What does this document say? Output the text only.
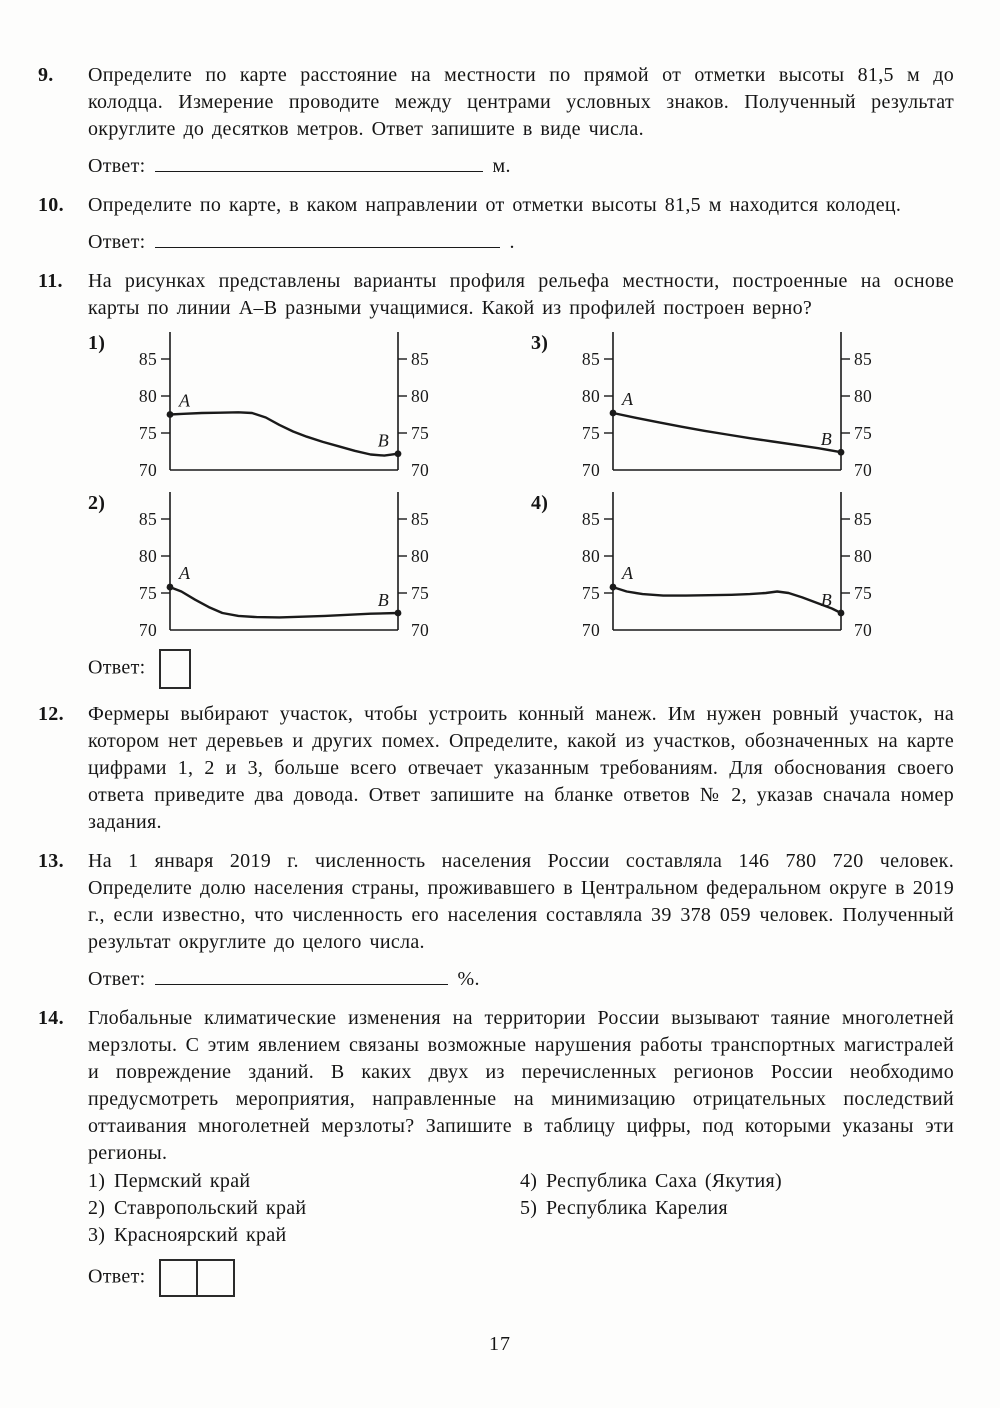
9.	Определите по карте расстояние на местности по прямой от отметки высоты 81,5 м до колодца. Измерение проводите между центрами условных знаков. Полученный результат округлите до десятков метров. Ответ запишите в виде числа.
Ответ:	м.
10.	Определите по карте, в каком направлении от отметки высоты 81,5 м находится колодец.
Ответ:	.
11.	На рисунках представлены варианты профиля рельефа местности, построенные на основе карты по линии А–В разными учащимися. Какой из профилей построен верно?
1)
85	85
80	80
75	75
70	70
A
B
3)
85	85
80	80
75	75
70	70
A
B
2)
85	85
80	80
75	75
70	70
A
B
4)
85	85
80	80
75	75
70	70
A
B
Ответ:
12.	Фермеры выбирают участок, чтобы устроить конный манеж. Им нужен ровный участок, на котором нет деревьев и других помех. Определите, какой из участков, обозначенных на карте цифрами 1, 2 и 3, больше всего отвечает указанным требованиям. Для обоснования своего ответа приведите два довода. Ответ запишите на бланке ответов № 2, указав сначала номер задания.
13.	На 1 января 2019 г. численность населения России составляла 146 780 720 человек. Определите долю населения страны, проживавшего в Центральном федеральном округе в 2019 г., если известно, что численность его населения составляла 39 378 059 человек. Полученный результат округлите до целого числа.
Ответ:	%.
14.	Глобальные климатические изменения на территории России вызывают таяние многолетней мерзлоты. С этим явлением связаны возможные нарушения работы транспортных магистралей и повреждение зданий. В каких двух из перечисленных регионов России необходимо предусмотреть мероприятия, направленные на минимизацию отрицательных последствий оттаивания многолетней мерзлоты? Запишите в таблицу цифры, под которыми указаны эти регионы.
1) Пермский край
2) Ставропольский край
3) Красноярский край
4) Республика Саха (Якутия)
5) Республика Карелия
Ответ:
17
